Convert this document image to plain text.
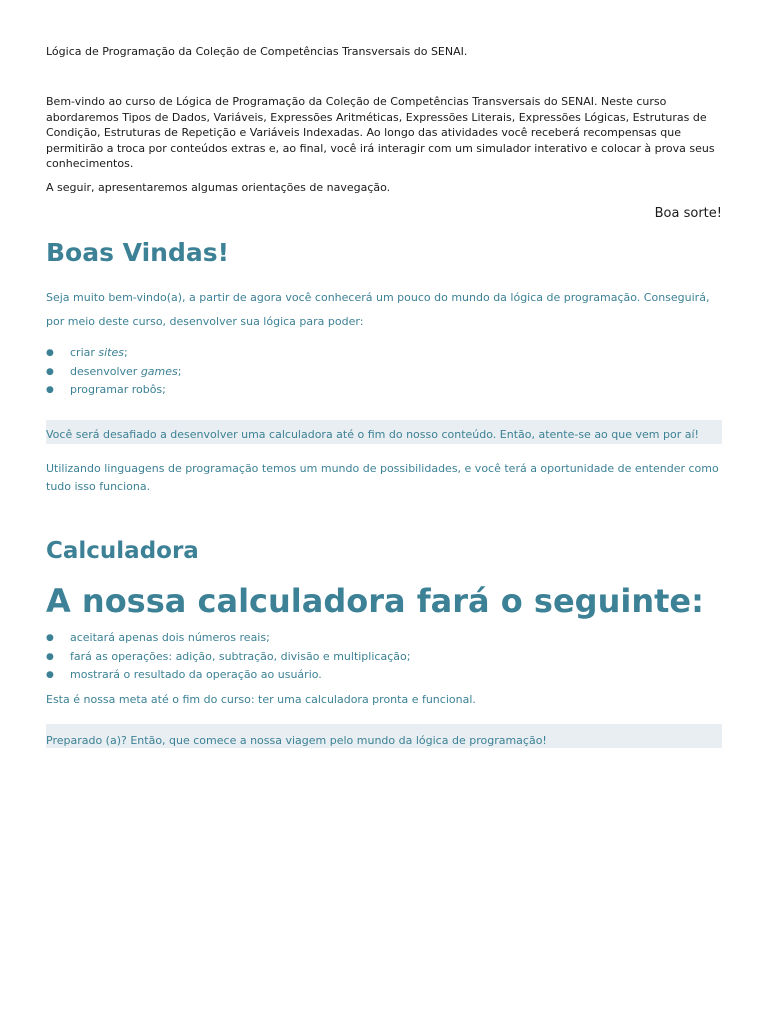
Lógica de Programação da Coleção de Competências Transversais do SENAI.
Bem-vindo ao curso de Lógica de Programação da Coleção de Competências Transversais do SENAI. Neste curso abordaremos Tipos de Dados, Variáveis, Expressões Aritméticas, Expressões Literais, Expressões Lógicas, Estruturas de Condição, Estruturas de Repetição e Variáveis Indexadas. Ao longo das atividades você receberá recompensas que permitirão a troca por conteúdos extras e, ao final, você irá interagir com um simulador interativo e colocar à prova seus conhecimentos.
A seguir, apresentaremos algumas orientações de navegação.
Boa sorte!
Boas Vindas!
Seja muito bem-vindo(a), a partir de agora você conhecerá um pouco do mundo da lógica de programação. Conseguirá, por meio deste curso, desenvolver sua lógica para poder:
● criar sites;
● desenvolver games;
● programar robôs;
Você será desafiado a desenvolver uma calculadora até o fim do nosso conteúdo. Então, atente-se ao que vem por aí!
Utilizando linguagens de programação temos um mundo de possibilidades, e você terá a oportunidade de entender como tudo isso funciona.
Calculadora
A nossa calculadora fará o seguinte:
● aceitará apenas dois números reais;
● fará as operações: adição, subtração, divisão e multiplicação;
● mostrará o resultado da operação ao usuário.
Esta é nossa meta até o fim do curso: ter uma calculadora pronta e funcional.
Preparado (a)? Então, que comece a nossa viagem pelo mundo da lógica de programação!
